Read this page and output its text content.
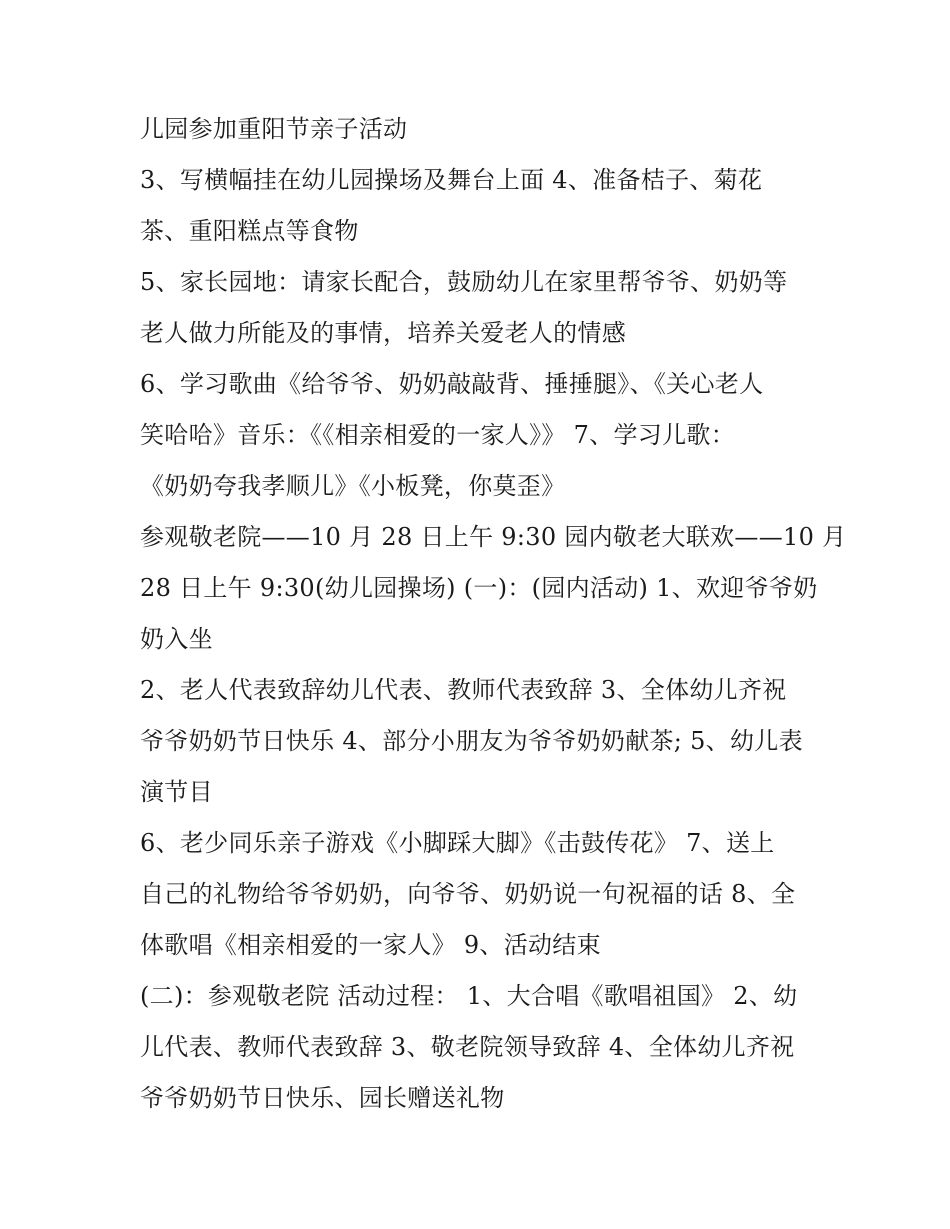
儿园参加重阳节亲子活动
3、写横幅挂在幼儿园操场及舞台上面 4、准备桔子、菊花
茶、重阳糕点等食物
5、家长园地：请家长配合，鼓励幼儿在家里帮爷爷、奶奶等
老人做力所能及的事情，培养关爱老人的情感
6、学习歌曲《给爷爷、奶奶敲敲背、捶捶腿》、《关心老人
笑哈哈》音乐：《《相亲相爱的一家人》》 7、学习儿歌：
《奶奶夸我孝顺儿》《小板凳，你莫歪》
参观敬老院——10 月 28 日上午 9:30 园内敬老大联欢——10 月
28 日上午 9:30(幼儿园操场) (一)：(园内活动) 1、欢迎爷爷奶
奶入坐
2、老人代表致辞幼儿代表、教师代表致辞 3、全体幼儿齐祝
爷爷奶奶节日快乐 4、部分小朋友为爷爷奶奶献茶; 5、幼儿表
演节目
6、老少同乐亲子游戏《小脚踩大脚》《击鼓传花》 7、送上
自己的礼物给爷爷奶奶，向爷爷、奶奶说一句祝福的话 8、全
体歌唱《相亲相爱的一家人》 9、活动结束
(二)：参观敬老院 活动过程： 1、大合唱《歌唱祖国》 2、幼
儿代表、教师代表致辞 3、敬老院领导致辞 4、全体幼儿齐祝
爷爷奶奶节日快乐、园长赠送礼物
